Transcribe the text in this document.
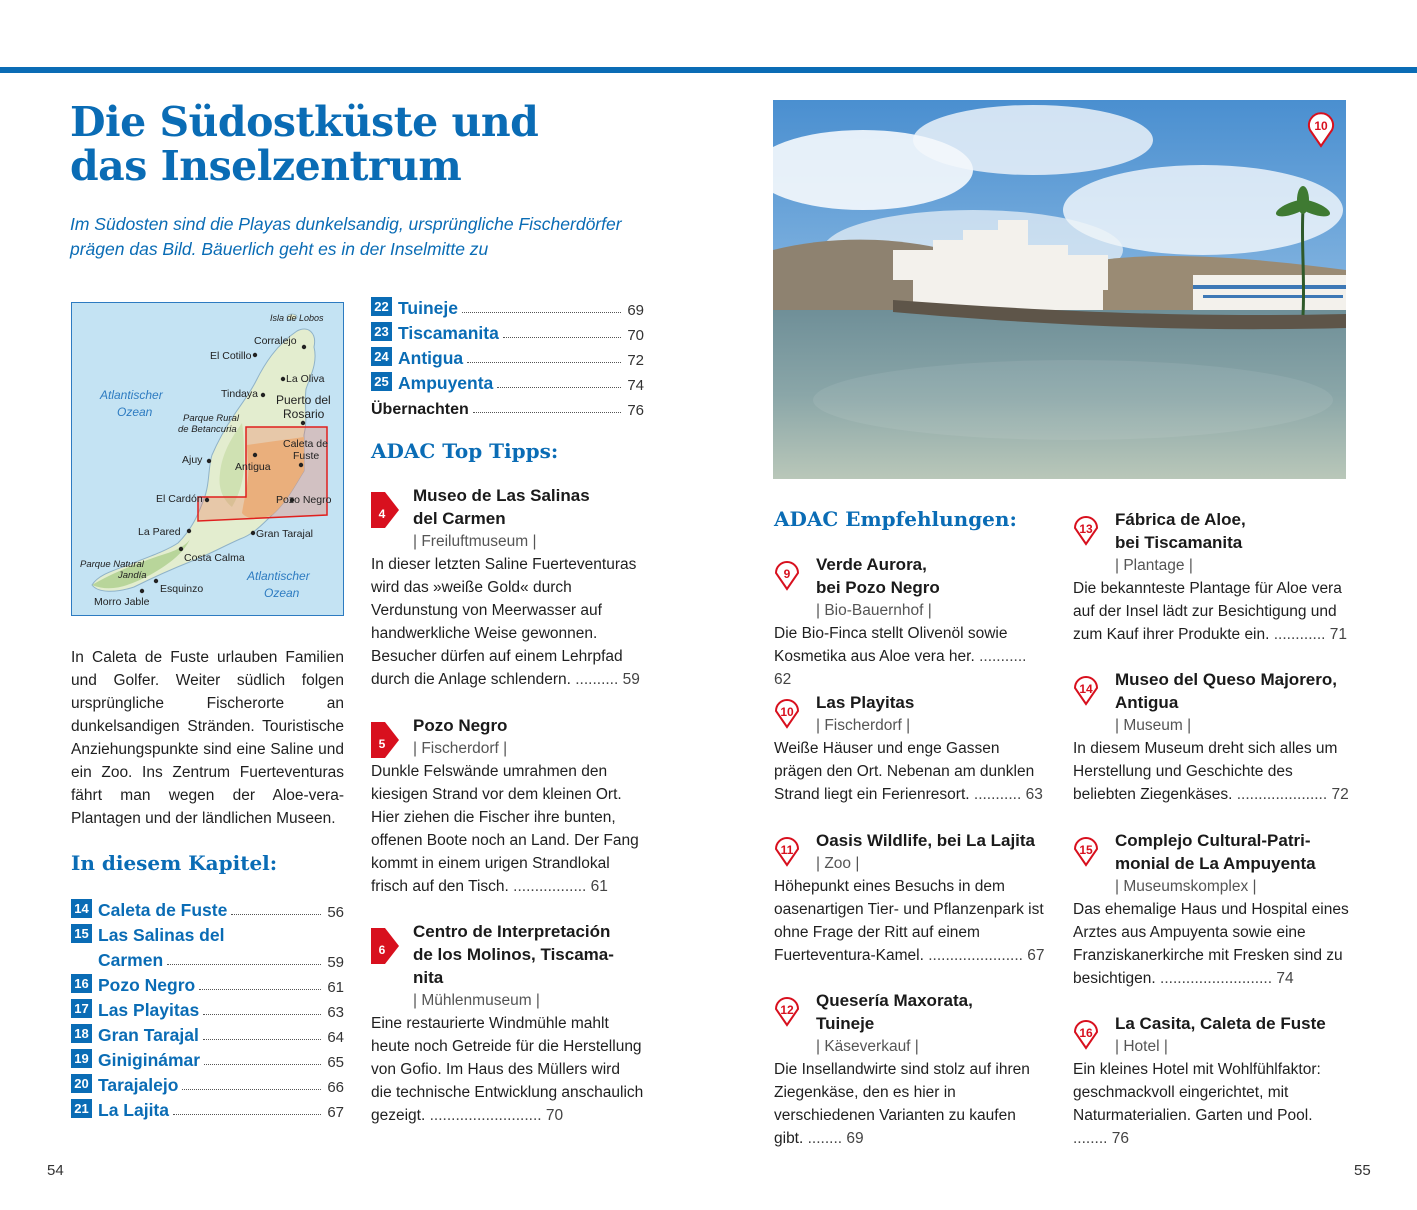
Die Südostküste und
das Inselzentrum

Im Südosten sind die Playas dunkelsandig, ursprüngliche Fischerdörfer prägen das Bild. Bäuerlich geht es in der Inselmitte zu

Isla de Lobos
Corralejo
El Cotillo
La Oliva
Tindaya Puerto del
Rosario
Atlantischer
Ozean	Parque Rural
de Betancuria
Caleta de
Fuste
Ajuy
Antigua
El Cardón	Pozo Negro
La Pared	Gran Tarajal
Costa Calma
Parque Natural
Jandía
Esquinzo
Morro Jable
Atlantischer
Ozean

In Caleta de Fuste urlauben Familien und Golfer. Weiter südlich folgen ursprüngliche Fischerorte an dunkelsandigen Stränden. Touristische Anziehungspunkte sind eine Saline und ein Zoo. Ins Zentrum Fuerteventuras fährt man wegen der Aloe-vera-Plantagen und der ländlichen Museen.

In diesem Kapitel:
14 Caleta de Fuste	56
15 Las Salinas del
Carmen	59
16 Pozo Negro	61
17 Las Playitas	63
18 Gran Tarajal	64
19 Giniginámar	65
20 Tarajalejo	66
21 La Lajita	67
22 Tuineje	69
23 Tiscamanita	70
24 Antigua	72
25 Ampuyenta	74
Übernachten	76
ADAC Top Tipps:
4
Museo de Las Salinas
del Carmen
| Freiluftmuseum |

In dieser letzten Saline Fuerteventuras wird das »weiße Gold« durch Verdunstung von Meerwasser auf handwerkliche Weise gewonnen. Besucher dürfen auf einem Lehrpfad durch die Anlage schlendern. .......... 59

5
Pozo Negro
| Fischerdorf |

Dunkle Felswände umrahmen den kiesigen Strand vor dem kleinen Ort. Hier ziehen die Fischer ihre bunten, offenen Boote noch an Land. Der Fang kommt in einem urigen Strandlokal frisch auf den Tisch. ................. 61

6
Centro de Interpretación
de los Molinos, Tiscama-
nita
| Mühlenmuseum |

Eine restaurierte Windmühle mahlt heute noch Getreide für die Herstellung von Gofio. Im Haus des Müllers wird die technische Entwicklung anschaulich gezeigt. .......................... 70

10
ADAC Empfehlungen:
9	Verde Aurora,
bei Pozo Negro
| Bio-Bauernhof |

Die Bio-Finca stellt Olivenöl sowie Kosmetika aus Aloe vera her. ........... 62

10	Las Playitas
| Fischerdorf |

Weiße Häuser und enge Gassen prägen den Ort. Nebenan am dunklen Strand liegt ein Ferienresort. ........... 63

11	Oasis Wildlife, bei La Lajita
| Zoo |

Höhepunkt eines Besuchs in dem oasenartigen Tier- und Pflanzenpark ist ohne Frage der Ritt auf einem Fuerteventura-Kamel. ...................... 67

12	Quesería Maxorata,
Tuineje
| Käseverkauf |

Die Insellandwirte sind stolz auf ihren Ziegenkäse, den es hier in verschiedenen Varianten zu kaufen gibt. ........ 69

13	Fábrica de Aloe,
bei Tiscamanita
| Plantage |

Die bekannteste Plantage für Aloe vera auf der Insel lädt zur Besichtigung und zum Kauf ihrer Produkte ein. ............ 71

14	Museo del Queso Majorero,
Antigua
| Museum |

In diesem Museum dreht sich alles um Herstellung und Geschichte des beliebten Ziegenkäses. ..................... 72

15	Complejo Cultural-Patri-
monial de La Ampuyenta
| Museumskomplex |

Das ehemalige Haus und Hospital eines Arztes aus Ampuyenta sowie eine Franziskanerkirche mit Fresken sind zu besichtigen. .......................... 74

16	La Casita, Caleta de Fuste
| Hotel |

Ein kleines Hotel mit Wohlfühlfaktor: geschmackvoll eingerichtet, mit Naturmaterialien. Garten und Pool. ........ 76

54	55
